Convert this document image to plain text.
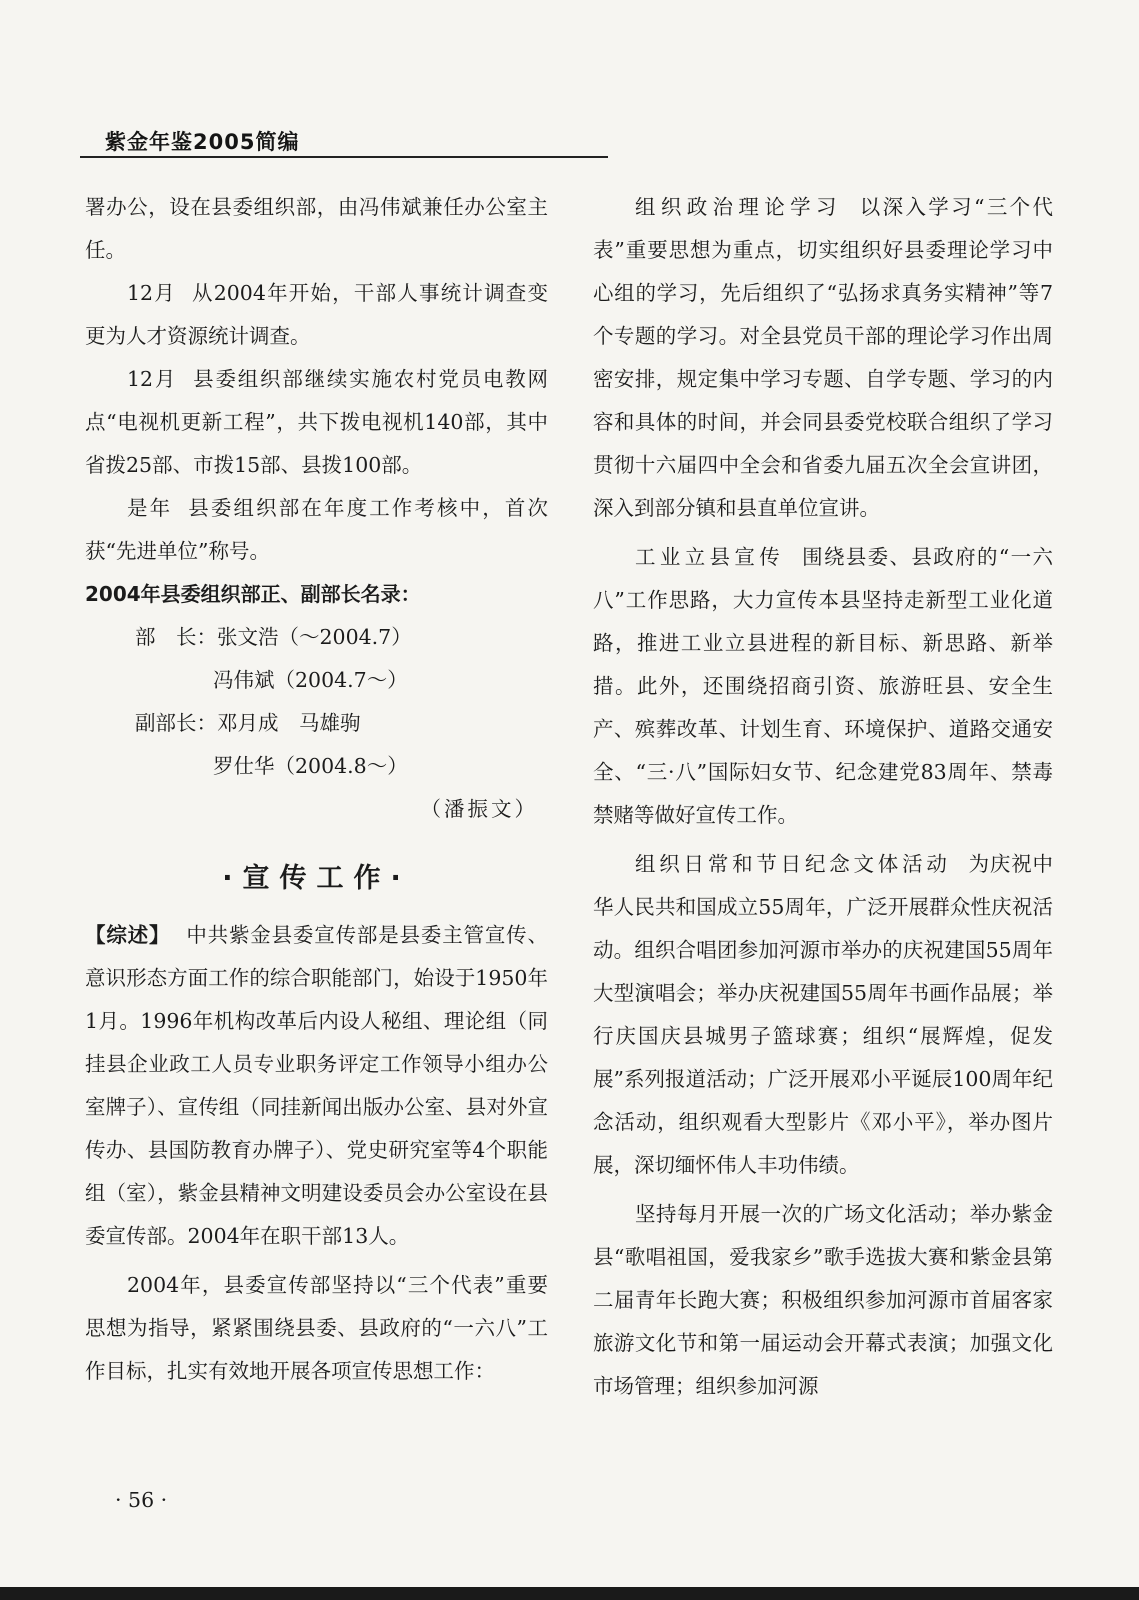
紫金年鉴2005简编

署办公，设在县委组织部，由冯伟斌兼任办公室主任。

12月 从2004年开始，干部人事统计调查变更为人才资源统计调查。

12月 县委组织部继续实施农村党员电教网点“电视机更新工程”，共下拨电视机140部，其中省拨25部、市拨15部、县拨100部。

是年 县委组织部在年度工作考核中，首次获“先进单位”称号。

2004年县委组织部正、副部长名录：

部　长：张文浩（～2004.7）

冯伟斌（2004.7～）

副部长：邓月成　马雄驹

罗仕华（2004.8～）

（潘振文）

·宣传工作·

【综述】 中共紫金县委宣传部是县委主管宣传、意识形态方面工作的综合职能部门，始设于1950年1月。1996年机构改革后内设人秘组、理论组（同挂县企业政工人员专业职务评定工作领导小组办公室牌子）、宣传组（同挂新闻出版办公室、县对外宣传办、县国防教育办牌子）、党史研究室等4个职能组（室），紫金县精神文明建设委员会办公室设在县委宣传部。2004年在职干部13人。

2004年，县委宣传部坚持以“三个代表”重要思想为指导，紧紧围绕县委、县政府的“一六八”工作目标，扎实有效地开展各项宣传思想工作：

组织政治理论学习 以深入学习“三个代表”重要思想为重点，切实组织好县委理论学习中心组的学习，先后组织了“弘扬求真务实精神”等7个专题的学习。对全县党员干部的理论学习作出周密安排，规定集中学习专题、自学专题、学习的内容和具体的时间，并会同县委党校联合组织了学习贯彻十六届四中全会和省委九届五次全会宣讲团，深入到部分镇和县直单位宣讲。

工业立县宣传 围绕县委、县政府的“一六八”工作思路，大力宣传本县坚持走新型工业化道路，推进工业立县进程的新目标、新思路、新举措。此外，还围绕招商引资、旅游旺县、安全生产、殡葬改革、计划生育、环境保护、道路交通安全、“三·八”国际妇女节、纪念建党83周年、禁毒禁赌等做好宣传工作。

组织日常和节日纪念文体活动 为庆祝中华人民共和国成立55周年，广泛开展群众性庆祝活动。组织合唱团参加河源市举办的庆祝建国55周年大型演唱会；举办庆祝建国55周年书画作品展；举行庆国庆县城男子篮球赛；组织“展辉煌，促发展”系列报道活动；广泛开展邓小平诞辰100周年纪念活动，组织观看大型影片《邓小平》，举办图片展，深切缅怀伟人丰功伟绩。

坚持每月开展一次的广场文化活动；举办紫金县“歌唱祖国，爱我家乡”歌手选拔大赛和紫金县第二届青年长跑大赛；积极组织参加河源市首届客家旅游文化节和第一届运动会开幕式表演；加强文化市场管理；组织参加河源

· 56 ·
